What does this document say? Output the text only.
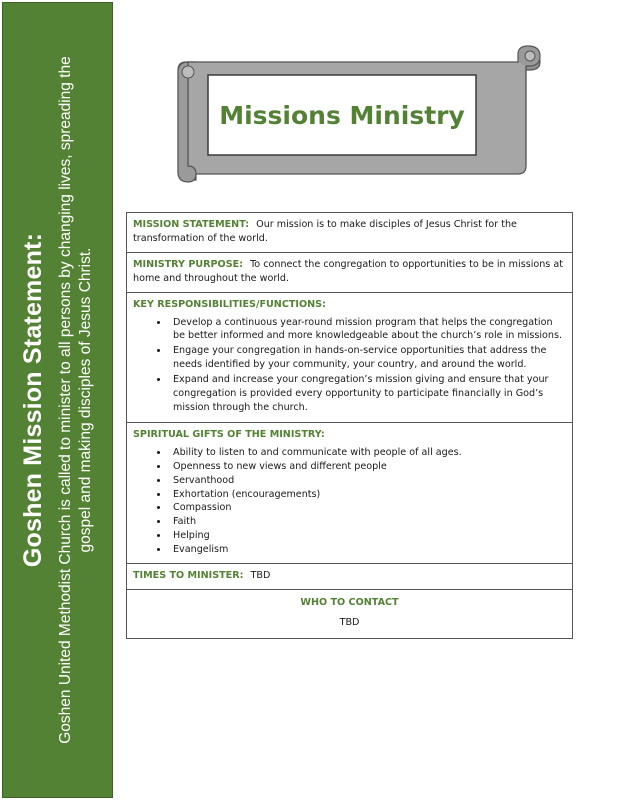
Goshen Mission Statement: Goshen United Methodist Church is called to minister to all persons by changing lives, spreading the gospel and making disciples of Jesus Christ.

Missions Ministry
MISSION STATEMENT: Our mission is to make disciples of Jesus Christ for the transformation of the world.
MINISTRY PURPOSE: To connect the congregation to opportunities to be in missions at home and throughout the world.
KEY RESPONSIBILITIES/FUNCTIONS:
• Develop a continuous year-round mission program that helps the congregation be better informed and more knowledgeable about the church’s role in missions.
• Engage your congregation in hands-on-service opportunities that address the needs identified by your community, your country, and around the world.
• Expand and increase your congregation’s mission giving and ensure that your congregation is provided every opportunity to participate financially in God’s mission through the church.
SPIRITUAL GIFTS OF THE MINISTRY:
• Ability to listen to and communicate with people of all ages.
• Openness to new views and different people
• Servanthood
• Exhortation (encouragements)
• Compassion
• Faith
• Helping
• Evangelism
TIMES TO MINISTER: TBD
WHO TO CONTACT
TBD
